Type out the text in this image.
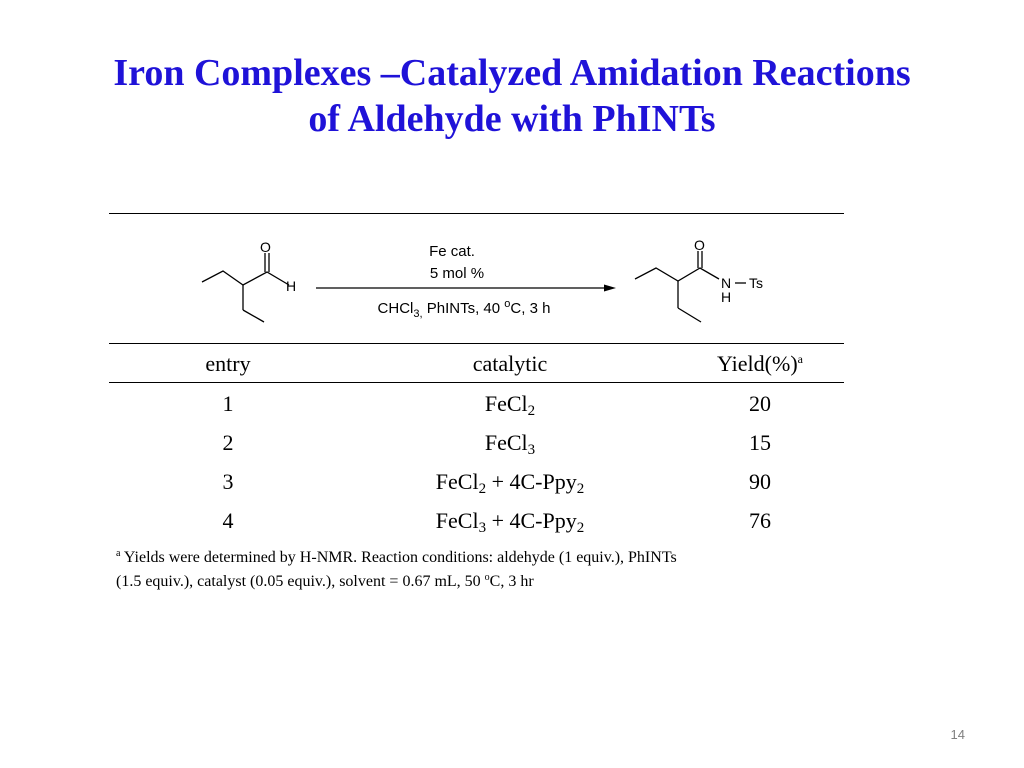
Iron Complexes –Catalyzed Amidation Reactions
of Aldehyde with PhINTs
O
H
Fe cat.
5 mol %
CHCl$_{3,}$ PhINTs, 40 $^o$C, 3 h
O
N Ts
H
entry	catalytic	Yield(%)$^a$
1	FeCl$_2$	20
2	FeCl$_3$	15
3	FeCl$_2$ + 4C-Ppy$_2$	90
4	FeCl$_3$ + 4C-Ppy$_2$	76
$^a$ Yields were determined by H-NMR. Reaction conditions: aldehyde (1 equiv.), PhINTs
(1.5 equiv.), catalyst (0.05 equiv.), solvent = 0.67 mL, 50 $^o$C, 3 hr
14
